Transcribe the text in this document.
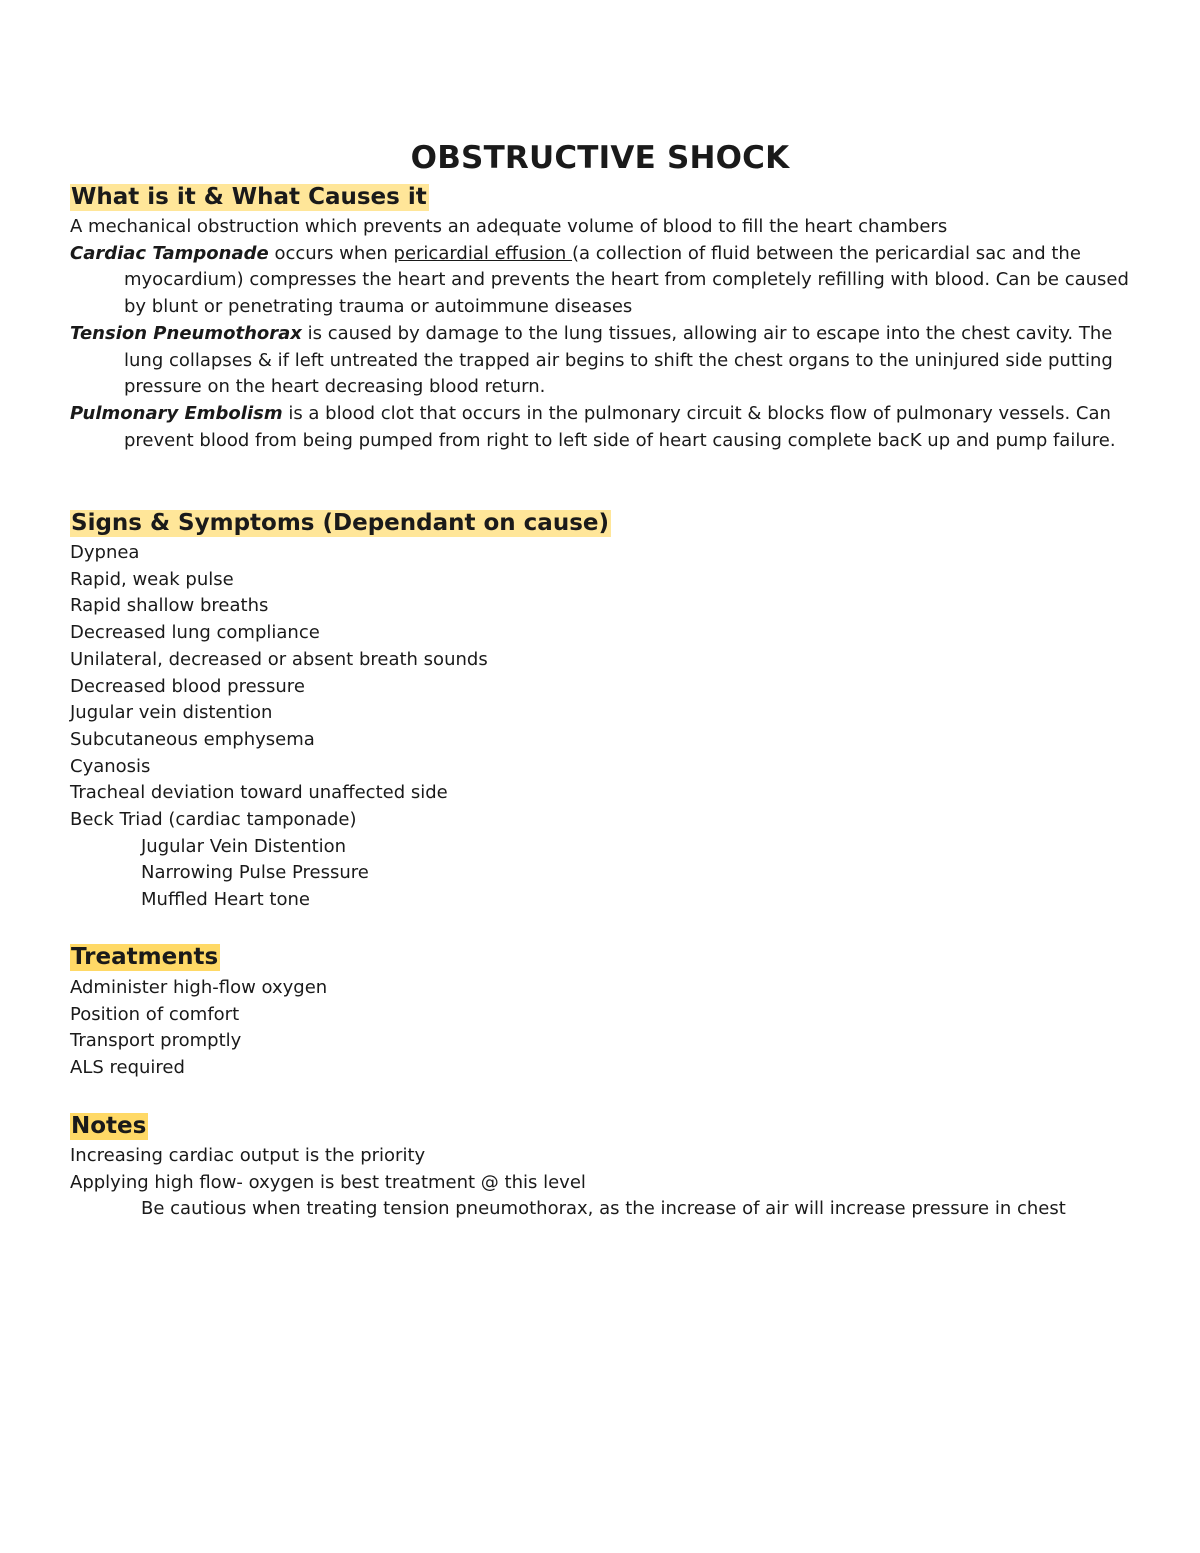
OBSTRUCTIVE SHOCK
What is it & What Causes it

A mechanical obstruction which prevents an adequate volume of blood to fill the heart chambers

Cardiac Tamponade occurs when pericardial effusion (a collection of fluid between the pericardial sac and the myocardium) compresses the heart and prevents the heart from completely refilling with blood. Can be caused by blunt or penetrating trauma or autoimmune diseases

Tension Pneumothorax is caused by damage to the lung tissues, allowing air to escape into the chest cavity. The lung collapses & if left untreated the trapped air begins to shift the chest organs to the uninjured side putting pressure on the heart decreasing blood return.

Pulmonary Embolism is a blood clot that occurs in the pulmonary circuit & blocks flow of pulmonary vessels. Can prevent blood from being pumped from right to left side of heart causing complete bacK up and pump failure.

Signs & Symptoms (Dependant on cause)

Dypnea

Rapid, weak pulse

Rapid shallow breaths

Decreased lung compliance

Unilateral, decreased or absent breath sounds

Decreased blood pressure

Jugular vein distention

Subcutaneous emphysema

Cyanosis

Tracheal deviation toward unaffected side

Beck Triad (cardiac tamponade)

Jugular Vein Distention

Narrowing Pulse Pressure

Muffled Heart tone

Treatments

Administer high-flow oxygen

Position of comfort

Transport promptly

ALS required

Notes

Increasing cardiac output is the priority

Applying high flow- oxygen is best treatment @ this level

Be cautious when treating tension pneumothorax, as the increase of air will increase pressure in chest
